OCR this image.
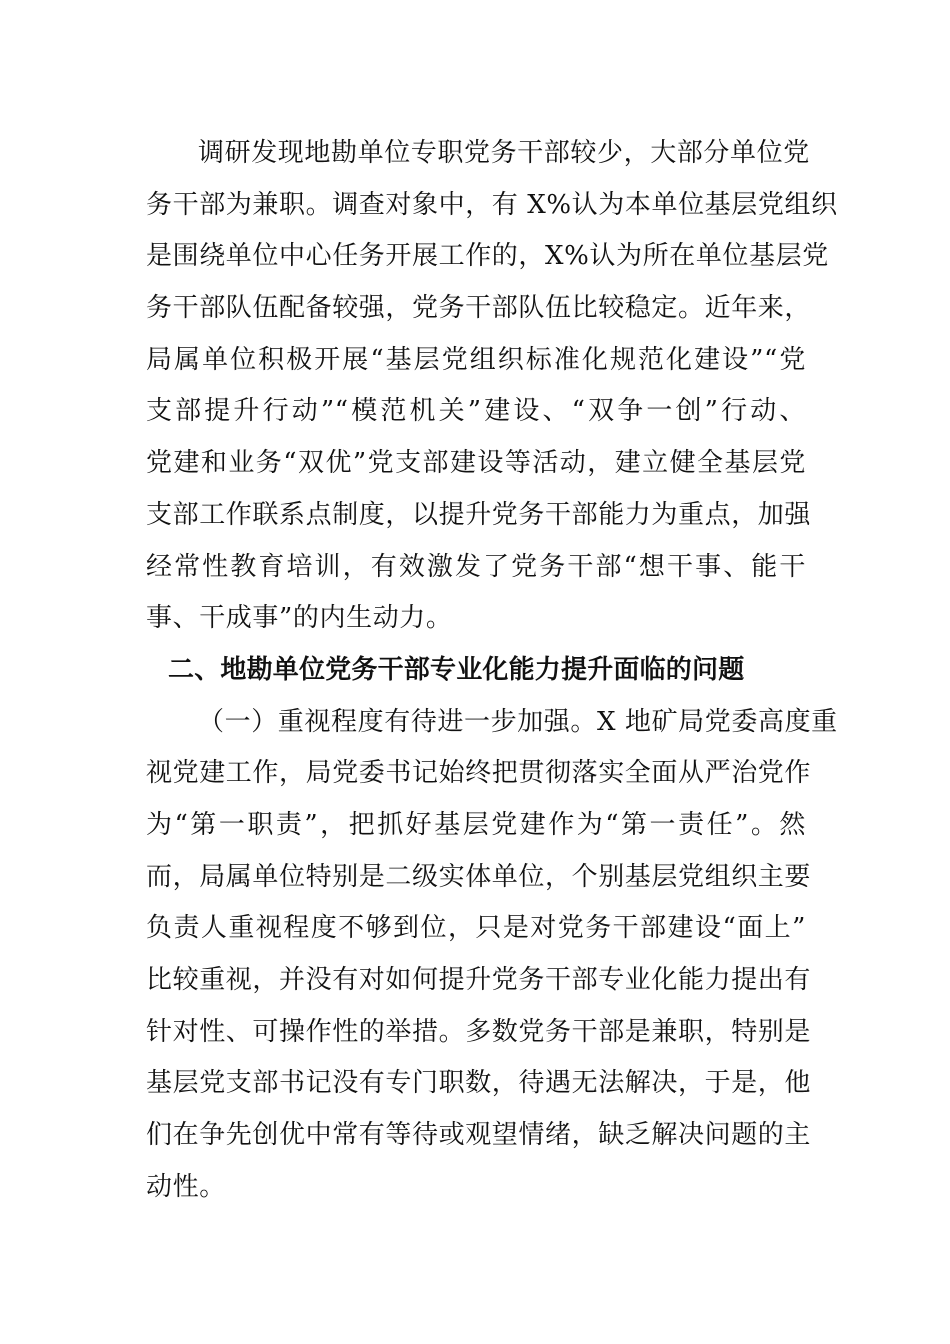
调研发现地勘单位专职党务干部较少，大部分单位党
务干部为兼职。调查对象中，有 X%认为本单位基层党组织
是围绕单位中心任务开展工作的，X%认为所在单位基层党
务干部队伍配备较强，党务干部队伍比较稳定。近年来，
局属单位积极开展“基层党组织标准化规范化建设”“党
支部提升行动”“模范机关”建设、“双争一创”行动、
党建和业务“双优”党支部建设等活动，建立健全基层党
支部工作联系点制度，以提升党务干部能力为重点，加强
经常性教育培训，有效激发了党务干部“想干事、能干
事、干成事”的内生动力。
二、地勘单位党务干部专业化能力提升面临的问题
（一）重视程度有待进一步加强。X 地矿局党委高度重
视党建工作，局党委书记始终把贯彻落实全面从严治党作
为“第一职责”，把抓好基层党建作为“第一责任”。然
而，局属单位特别是二级实体单位，个别基层党组织主要
负责人重视程度不够到位，只是对党务干部建设“面上”
比较重视，并没有对如何提升党务干部专业化能力提出有
针对性、可操作性的举措。多数党务干部是兼职，特别是
基层党支部书记没有专门职数，待遇无法解决，于是，他
们在争先创优中常有等待或观望情绪，缺乏解决问题的主
动性。
